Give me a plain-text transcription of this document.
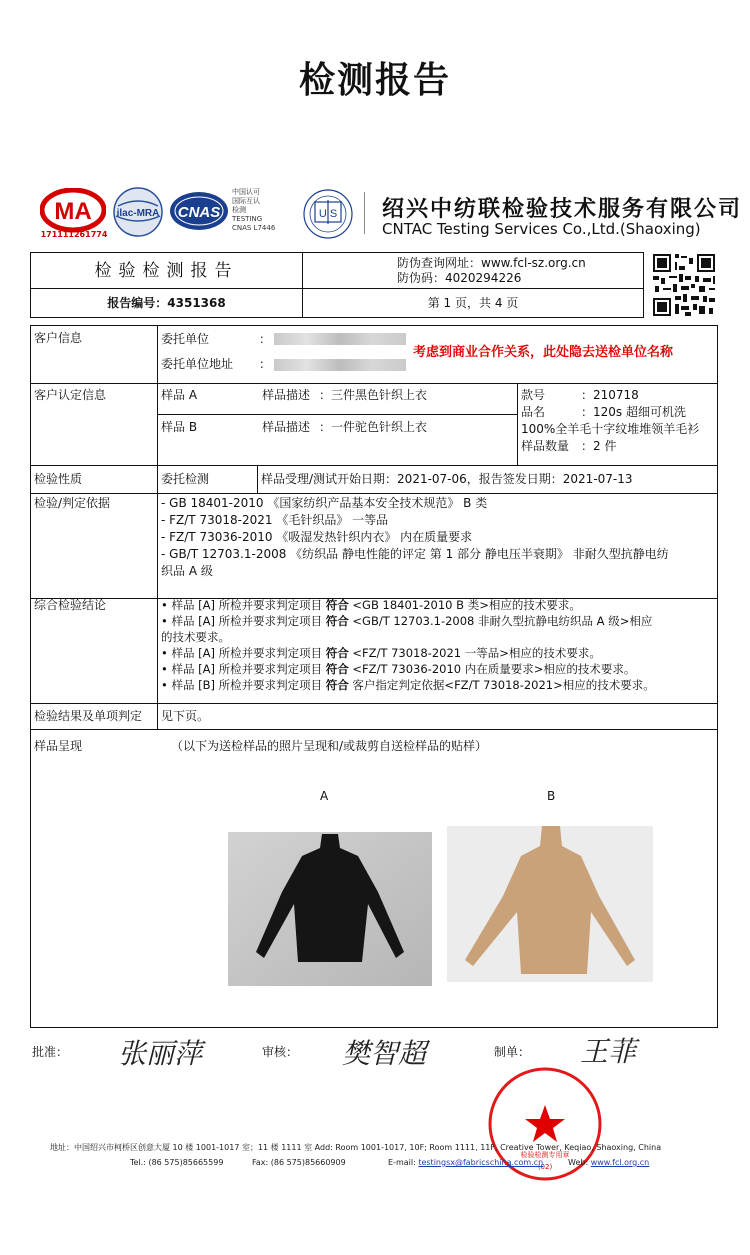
检测报告
MA
171111261774
ilac-MRA CNAS
中国认可
国际互认
检测
TESTING
CNAS L7446
U S 绍兴中纺联检验技术服务有限公司
CNTAC Testing Services Co.,Ltd.(Shaoxing)
检验检测报告	防伪查询网址：www.fcl-sz.org.cn
防伪码：4020294226
报告编号：4351368	第 1 页，共 4 页
客户信息	委托单位	：
委托单位地址 ：
考虑到商业合作关系，此处隐去送检单位名称
客户认定信息	样品 A	样品描述 ：三件黑色针织上衣
样品 B	样品描述 ：一件驼色针织上衣
款号	：210718
品名	：120s 超细可机洗
100%全羊毛十字纹堆堆领羊毛衫
样品数量 ：2 件
检验性质	委托检测	样品受理/测试开始日期：2021-07-06，报告签发日期：2021-07-13
检验/判定依据	- GB 18401-2010 《国家纺织产品基本安全技术规范》 B 类
- FZ/T 73018-2021 《毛针织品》 一等品
- FZ/T 73036-2010 《吸湿发热针织内衣》 内在质量要求
- GB/T 12703.1-2008 《纺织品 静电性能的评定 第 1 部分 静电压半衰期》 非耐久型抗静电纺
织品 A 级
综合检验结论	• 样品 [A] 所检并要求判定项目 符合 <GB 18401-2010 B 类>相应的技术要求。
• 样品 [A] 所检并要求判定项目 符合 <GB/T 12703.1-2008 非耐久型抗静电纺织品 A 级>相应
的技术要求。
• 样品 [A] 所检并要求判定项目 符合 <FZ/T 73018-2021 一等品>相应的技术要求。
• 样品 [A] 所检并要求判定项目 符合 <FZ/T 73036-2010 内在质量要求>相应的技术要求。
• 样品 [B] 所检并要求判定项目 符合 客户指定判定依据<FZ/T 73018-2021>相应的技术要求。
检验结果及单项判定 见下页。
样品呈现	（以下为送检样品的照片呈现和/或裁剪自送检样品的贴样）
A	B
批准： 张丽萍	审核： 樊智超	制单： 王菲
检验检测专用章
(02)
地址：中国绍兴市柯桥区创意大厦 10 楼 1001-1017 室；11 楼 1111 室 Add: Room 1001-1017, 10F; Room 1111, 11F, Creative Tower, Keqiao, Shaoxing, China
Tel.: (86 575)85665599	Fax: (86 575)85660909	E-mail: testingsx@fabricschina.com.cn	Web: www.fcl.org.cn
